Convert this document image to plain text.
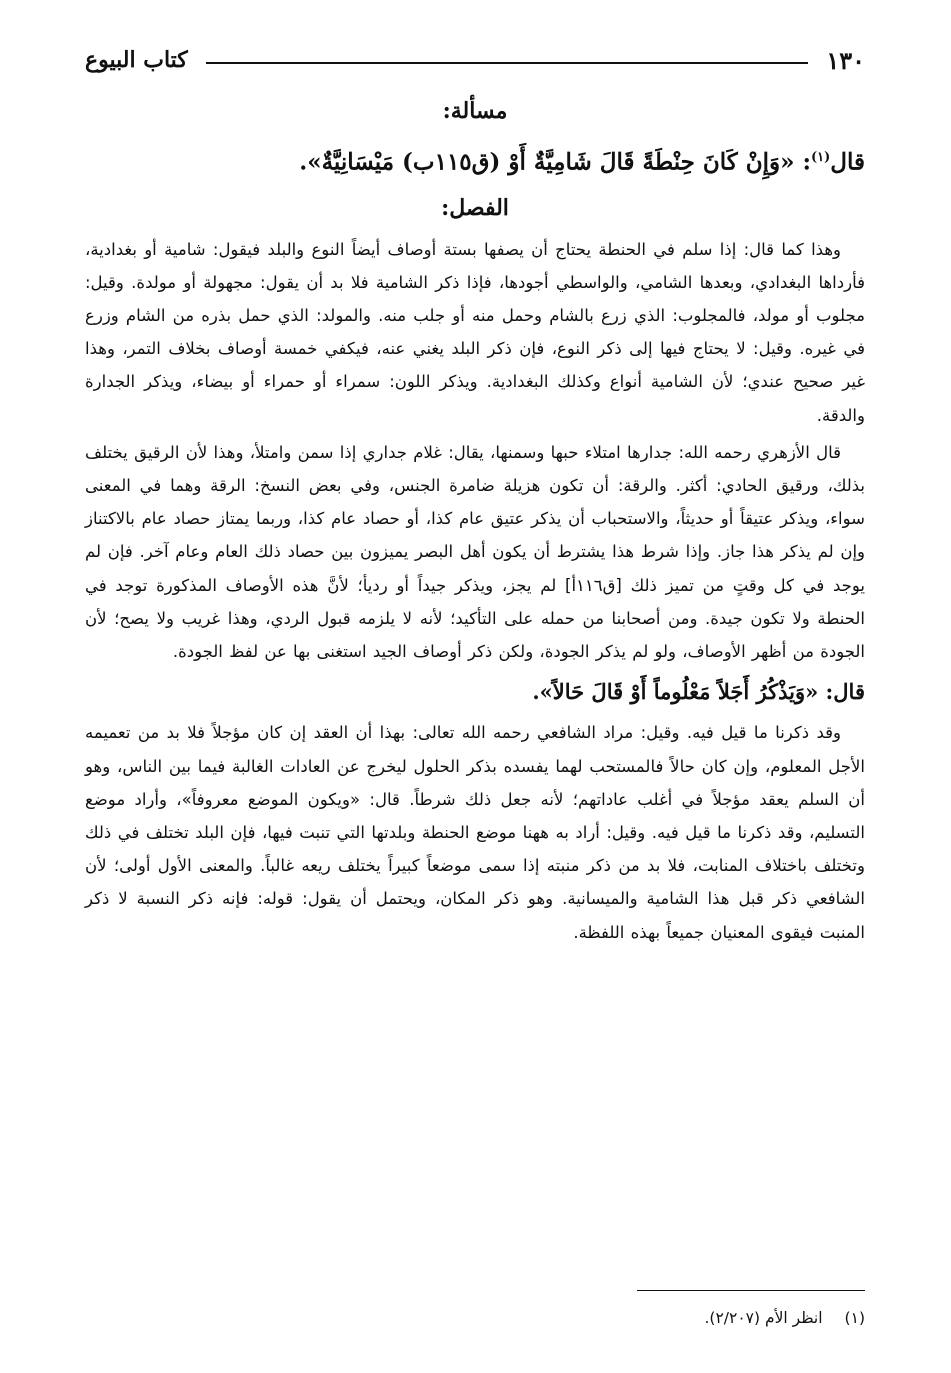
١٣٠
كتاب البيوع
مسألة:

قال$^{(١)}$: «وَإِنْ كَانَ حِنْطَةً قَالَ شَامِيَّةٌ أَوْ (ق١١٥ب) مَيْسَانِيَّةٌ».

الفصل:

وهذا كما قال: إذا سلم في الحنطة يحتاج أن يصفها بستة أوصاف أيضاً النوع والبلد فيقول: شامية أو بغدادية، فأرداها البغدادي، وبعدها الشامي، والواسطي أجودها، فإذا ذكر الشامية فلا بد أن يقول: مجهولة أو مولدة. وقيل: مجلوب أو مولد، فالمجلوب: الذي زرع بالشام وحمل منه أو جلب منه. والمولد: الذي حمل بذره من الشام وزرع في غيره. وقيل: لا يحتاج فيها إلى ذكر النوع، فإن ذكر البلد يغني عنه، فيكفي خمسة أوصاف بخلاف التمر، وهذا غير صحيح عندي؛ لأن الشامية أنواع وكذلك البغدادية. ويذكر اللون: سمراء أو حمراء أو بيضاء، ويذكر الجدارة والدقة.

قال الأزهري رحمه الله: جدارها امتلاء حبها وسمنها، يقال: غلام جداري إذا سمن وامتلأ، وهذا لأن الرقيق يختلف بذلك، ورقيق الحادي: أكثر. والرقة: أن تكون هزيلة ضامرة الجنس، وفي بعض النسخ: الرقة وهما في المعنى سواء، ويذكر عتيقاً أو حديثاً، والاستحباب أن يذكر عتيق عام كذا، أو حصاد عام كذا، وربما يمتاز حصاد عام بالاكتناز وإن لم يذكر هذا جاز. وإذا شرط هذا يشترط أن يكون أهل البصر يميزون بين حصاد ذلك العام وعام آخر. فإن لم يوجد في كل وقتٍ من تميز ذلك [ق١١٦أ] لم يجز، ويذكر جيداً أو رديأ؛ لأنَّ هذه الأوصاف المذكورة توجد في الحنطة ولا تكون جيدة. ومن أصحابنا من حمله على التأكيد؛ لأنه لا يلزمه قبول الردي، وهذا غريب ولا يصح؛ لأن الجودة من أظهر الأوصاف، ولو لم يذكر الجودة، ولكن ذكر أوصاف الجيد استغنى بها عن لفظ الجودة.

قال: «وَيَذْكُرُ أَجَلاً مَعْلُوماً أَوْ قَالَ حَالاً».

وقد ذكرنا ما قيل فيه. وقيل: مراد الشافعي رحمه الله تعالى: بهذا أن العقد إن كان مؤجلاً فلا بد من تعميمه الأجل المعلوم، وإن كان حالاً فالمستحب لهما يفسده بذكر الحلول ليخرج عن العادات الغالبة فيما بين الناس، وهو أن السلم يعقد مؤجلاً في أغلب عاداتهم؛ لأنه جعل ذلك شرطاً. قال: «ويكون الموضع معروفاً»، وأراد موضع التسليم، وقد ذكرنا ما قيل فيه. وقيل: أراد به ههنا موضع الحنطة وبلدتها التي تنبت فيها، فإن البلد تختلف في ذلك وتختلف باختلاف المنابت، فلا بد من ذكر منبته إذا سمى موضعاً كبيراً يختلف ريعه غالباً. والمعنى الأول أولى؛ لأن الشافعي ذكر قبل هذا الشامية والميسانية. وهو ذكر المكان، ويحتمل أن يقول: قوله: فإنه ذكر النسبة لا ذكر المنبت فيقوى المعنيان جميعاً بهذه اللفظة.

(١)انظر الأم (٢/٢٠٧).
